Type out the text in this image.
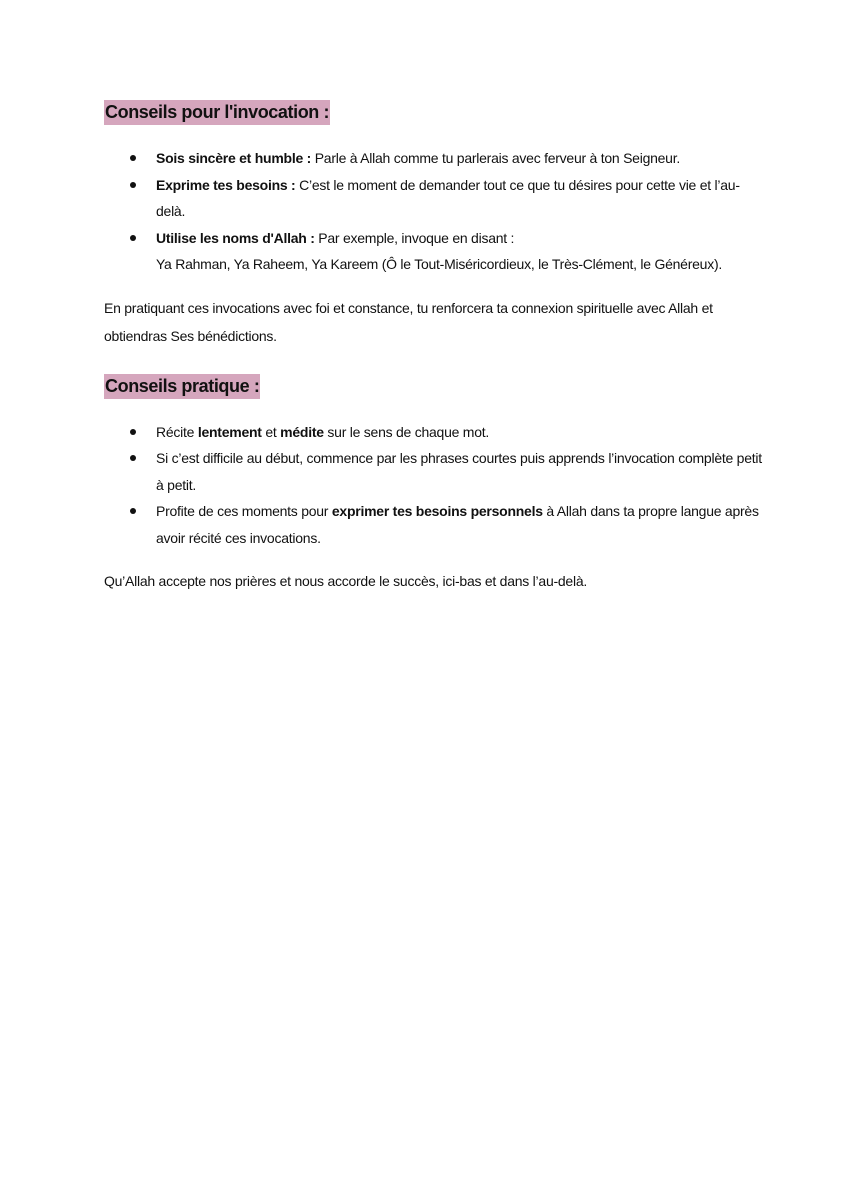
Conseils pour l'invocation :
Sois sincère et humble : Parle à Allah comme tu parlerais avec ferveur à ton Seigneur.
Exprime tes besoins : C’est le moment de demander tout ce que tu désires pour cette vie et l’au-delà.
Utilise les noms d'Allah : Par exemple, invoque en disant :
Ya Rahman, Ya Raheem, Ya Kareem (Ô le Tout-Miséricordieux, le Très-Clément, le Généreux).

En pratiquant ces invocations avec foi et constance, tu renforcera ta connexion spirituelle avec Allah et obtiendras Ses bénédictions.

Conseils pratique :
Récite lentement et médite sur le sens de chaque mot.
Si c’est difficile au début, commence par les phrases courtes puis apprends l’invocation complète petit à petit.
Profite de ces moments pour exprimer tes besoins personnels à Allah dans ta propre langue après avoir récité ces invocations.

Qu’Allah accepte nos prières et nous accorde le succès, ici-bas et dans l’au-delà.
